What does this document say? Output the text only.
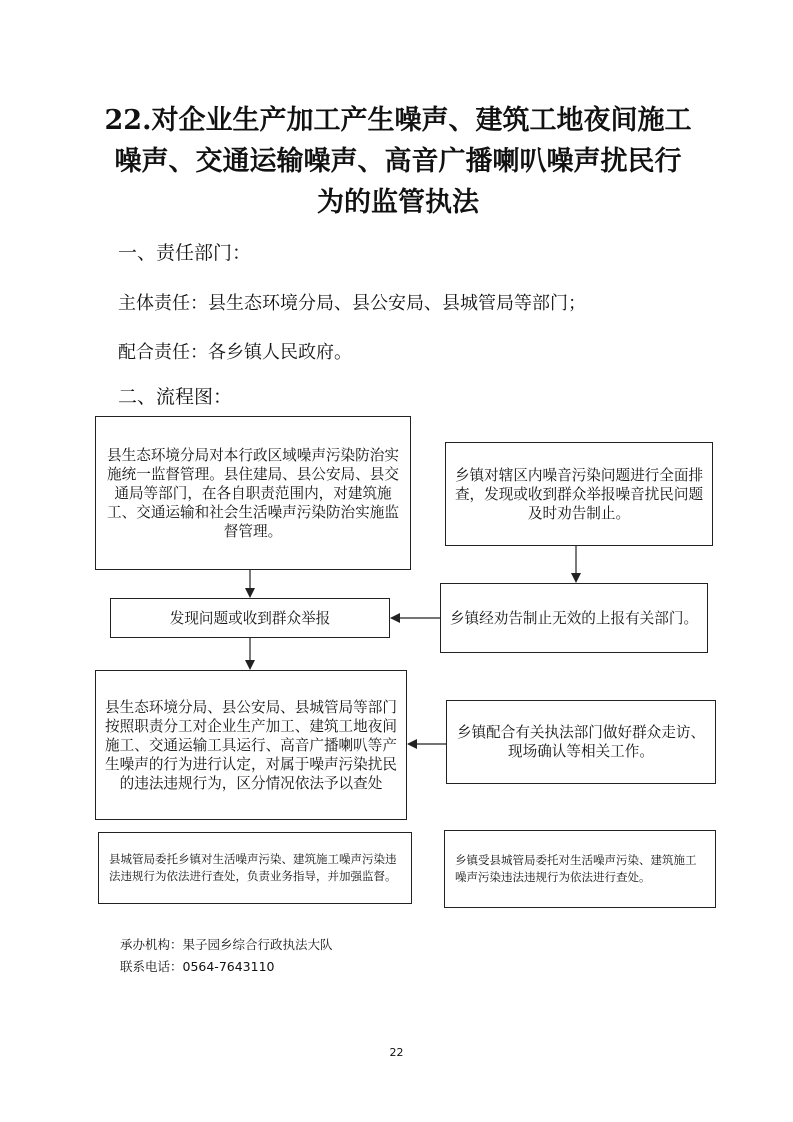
22.对企业生产加工产生噪声、建筑工地夜间施工
噪声、交通运输噪声、高音广播喇叭噪声扰民行
为的监管执法
一、责任部门：
主体责任：县生态环境分局、县公安局、县城管局等部门；
配合责任：各乡镇人民政府。
二、流程图：
县生态环境分局对本行政区域噪声污染防治实施统一监督管理。县住建局、县公安局、县交通局等部门，在各自职责范围内，对建筑施工、交通运输和社会生活噪声污染防治实施监督管理。
乡镇对辖区内噪音污染问题进行全面排查，发现或收到群众举报噪音扰民问题及时劝告制止。
发现问题或收到群众举报	乡镇经劝告制止无效的上报有关部门。
县生态环境分局、县公安局、县城管局等部门按照职责分工对企业生产加工、建筑工地夜间施工、交通运输工具运行、高音广播喇叭等产生噪声的行为进行认定，对属于噪声污染扰民的违法违规行为，区分情况依法予以查处
乡镇配合有关执法部门做好群众走访、现场确认等相关工作。
县城管局委托乡镇对生活噪声污染、建筑施工噪声污染违法违规行为依法进行查处，负责业务指导，并加强监督。
乡镇受县城管局委托对生活噪声污染、建筑施工噪声污染违法违规行为依法进行查处。
承办机构：果子园乡综合行政执法大队
联系电话：0564-7643110
22
